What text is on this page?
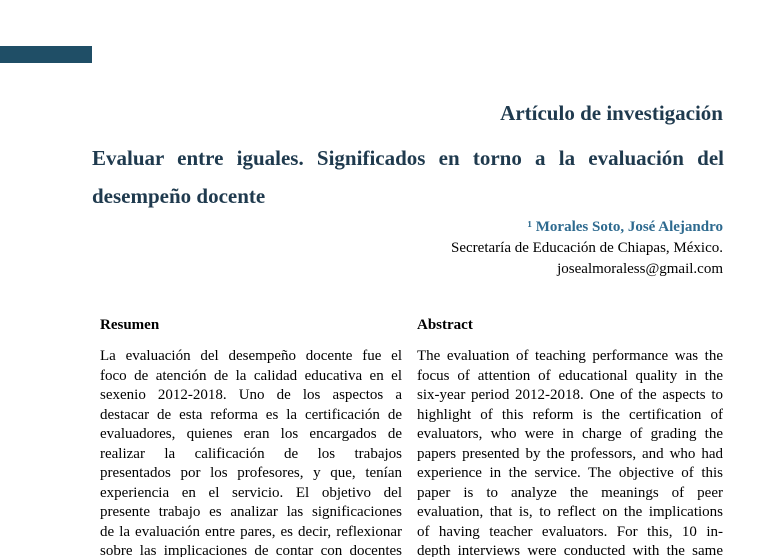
Artículo de investigación
Evaluar entre iguales. Significados en torno a la evaluación del
desempeño docente
¹ Morales Soto, José Alejandro
Secretaría de Educación de Chiapas, México.
josealmoraless@gmail.com
Resumen	Abstract
La evaluación del desempeño docente fue el
foco de atención de la calidad educativa en el
sexenio 2012-2018. Uno de los aspectos a
destacar de esta reforma es la certificación de
evaluadores, quienes eran los encargados de
realizar la calificación de los trabajos
presentados por los profesores, y que, tenían
experiencia en el servicio. El objetivo del
presente trabajo es analizar las significaciones
de la evaluación entre pares, es decir, reflexionar
sobre las implicaciones de contar con docentes
The evaluation of teaching performance was the
focus of attention of educational quality in the
six-year period 2012-2018. One of the aspects to
highlight of this reform is the certification of
evaluators, who were in charge of grading the
papers presented by the professors, and who had
experience in the service. The objective of this
paper is to analyze the meanings of peer
evaluation, that is, to reflect on the implications
of having teacher evaluators. For this, 10 in-
depth interviews were conducted with the same
